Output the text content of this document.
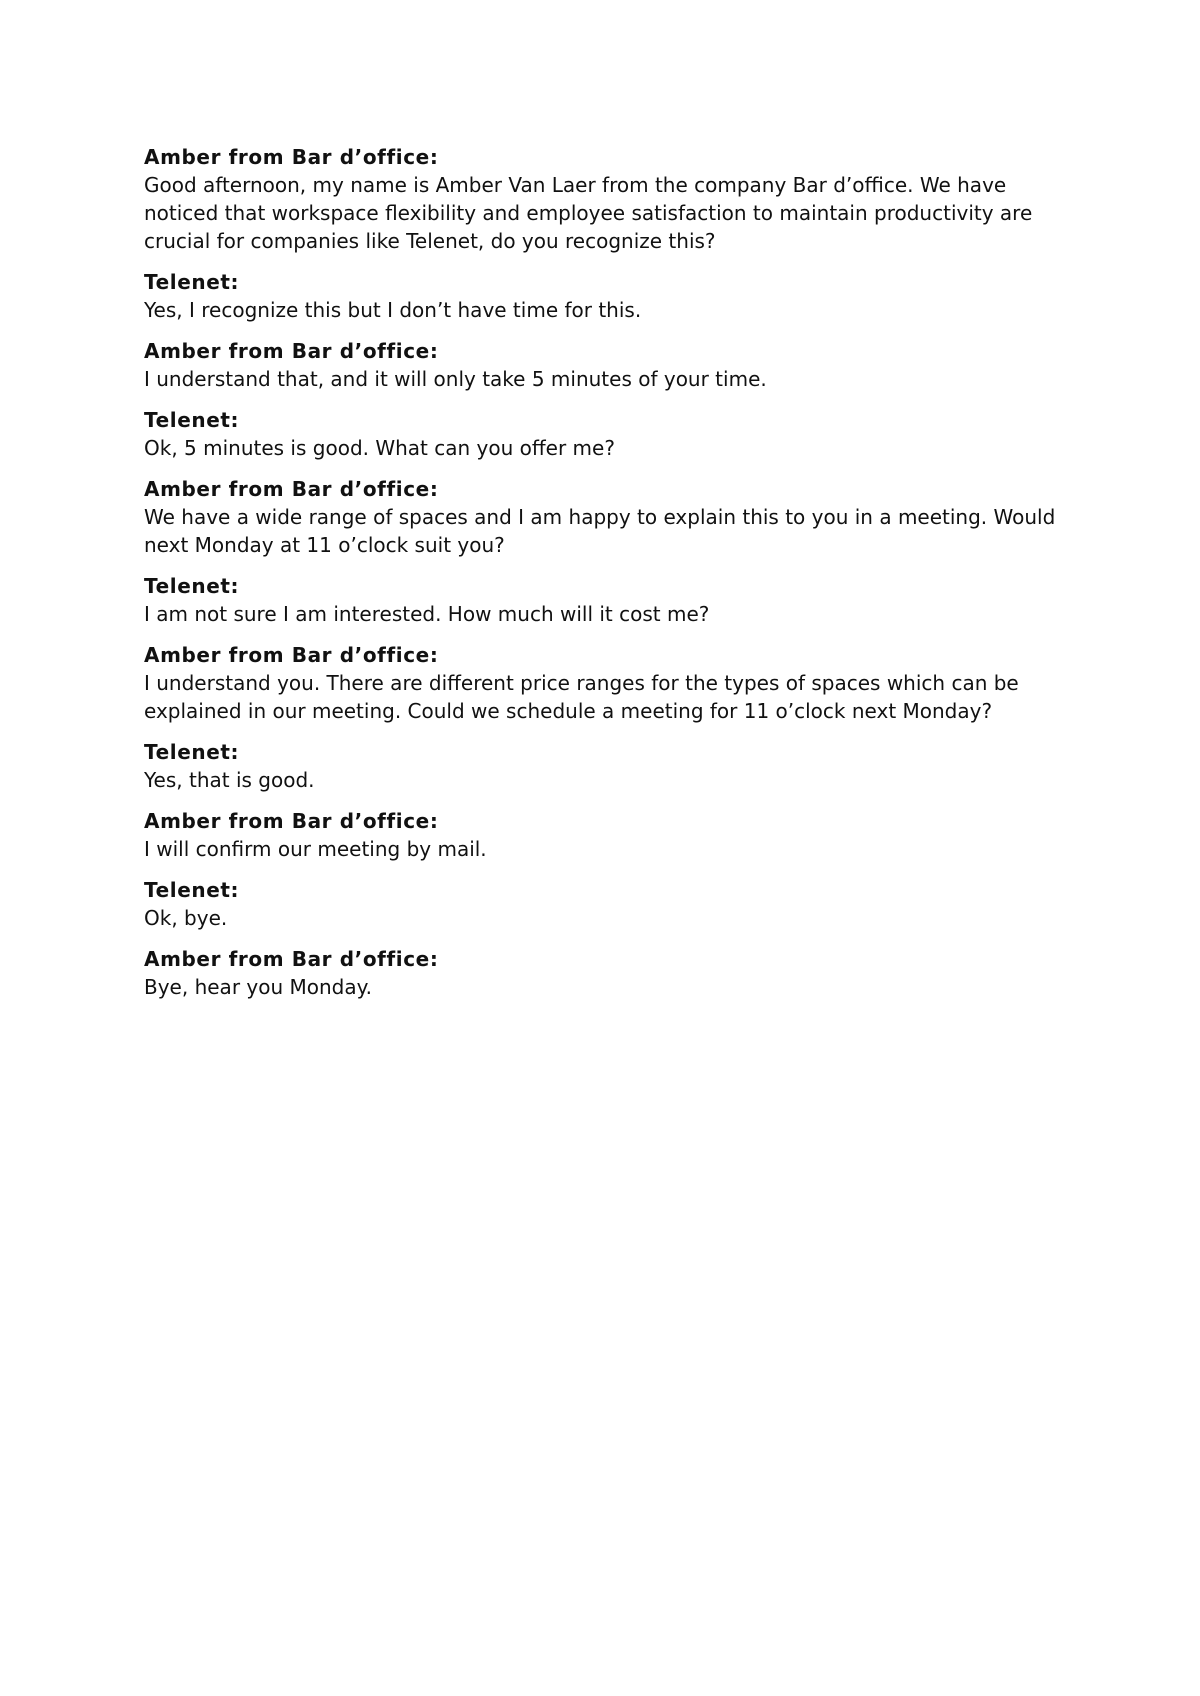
Amber from Bar d’office:

Good afternoon, my name is Amber Van Laer from the company Bar d’office. We have noticed that workspace flexibility and employee satisfaction to maintain productivity are crucial for companies like Telenet, do you recognize this?

Telenet:

Yes, I recognize this but I don’t have time for this.

Amber from Bar d’office:

I understand that, and it will only take 5 minutes of your time.

Telenet:

Ok, 5 minutes is good. What can you offer me?

Amber from Bar d’office:

We have a wide range of spaces and I am happy to explain this to you in a meeting. Would next Monday at 11 o’clock suit you?

Telenet:

I am not sure I am interested. How much will it cost me?

Amber from Bar d’office:

I understand you. There are different price ranges for the types of spaces which can be explained in our meeting. Could we schedule a meeting for 11 o’clock next Monday?

Telenet:

Yes, that is good.

Amber from Bar d’office:

I will confirm our meeting by mail.

Telenet:

Ok, bye.

Amber from Bar d’office:

Bye, hear you Monday.
